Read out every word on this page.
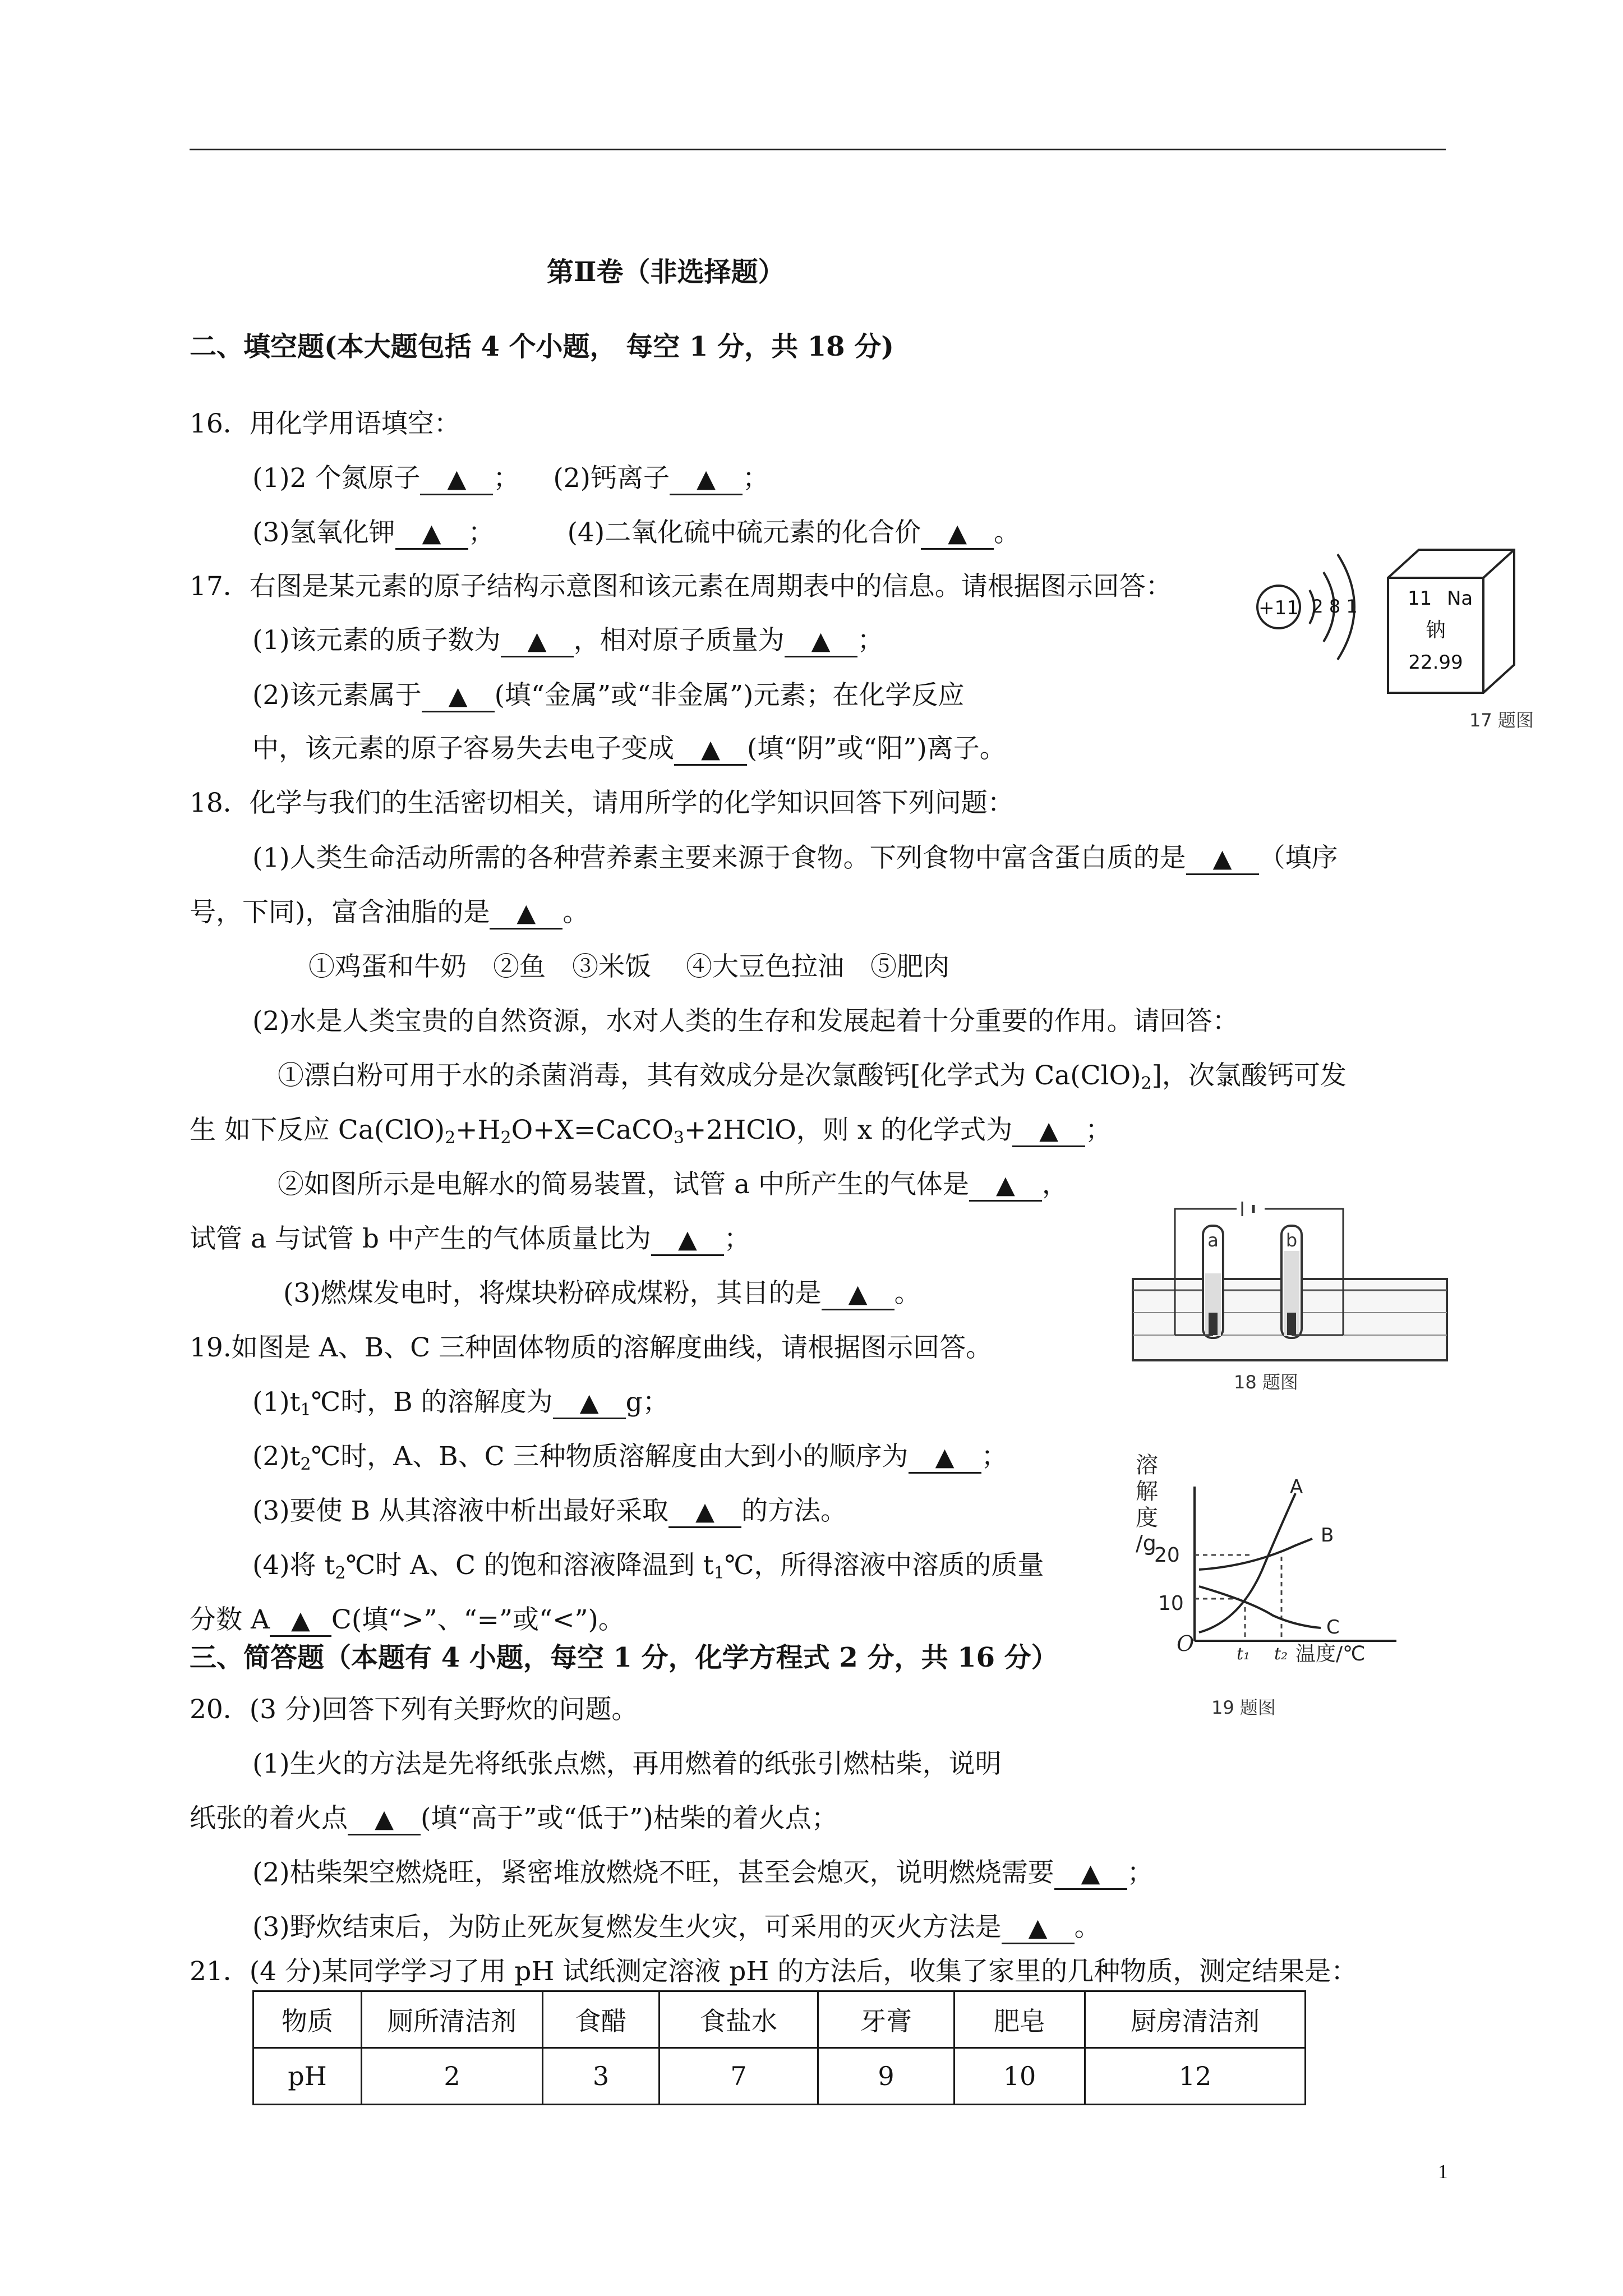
第Ⅱ卷（非选择题）
二、填空题(本大题包括 4 个小题， 每空 1 分，共 18 分)
16．用化学用语填空：
(1)2 个氮原子 ▲ ； (2)钙离子 ▲ ；
(3)氢氧化钾 ▲ ；	(4)二氧化硫中硫元素的化合价 ▲ 。
17．右图是某元素的原子结构示意图和该元素在周期表中的信息。请根据图示回答：
(1)该元素的质子数为 ▲ ，相对原子质量为 ▲ ；
(2)该元素属于 ▲ (填“金属”或“非金属”)元素；在化学反应
中，该元素的原子容易失去电子变成 ▲ (填“阴”或“阳”)离子。
+11 2 8 1	11 Na
钠
22.99
17 题图
18．化学与我们的生活密切相关，请用所学的化学知识回答下列问题：
(1)人类生命活动所需的各种营养素主要来源于食物。下列食物中富含蛋白质的是 ▲ （填序
号，下同)，富含油脂的是 ▲ 。
①鸡蛋和牛奶　②鱼　③米饭　 ④大豆色拉油　⑤肥肉
(2)水是人类宝贵的自然资源，水对人类的生存和发展起着十分重要的作用。请回答：
①漂白粉可用于水的杀菌消毒，其有效成分是次氯酸钙[化学式为 $Ca(ClO)_2$]，次氯酸钙可发
生 如下反应 $Ca(ClO)_2+H_2O+X=CaCO_3+2HClO$，则 x 的化学式为 ▲ ；
②如图所示是电解水的简易装置，试管 a 中所产生的气体是 ▲ ，
试管 a 与试管 b 中产生的气体质量比为 ▲ ；
(3)燃煤发电时，将煤块粉碎成煤粉，其目的是 ▲ 。
a	b
18 题图
19.如图是 A、B、C 三种固体物质的溶解度曲线，请根据图示回答。
$(1)t_1℃$时，B 的溶解度为 ▲ g；
$(2)t_2℃$时，A、B、C 三种物质溶解度由大到小的顺序为 ▲ ；
(3)要使 B 从其溶液中析出最好采取 ▲ 的方法。
(4)将 $t_2℃$时 A、C 的饱和溶液降温到 $t_1℃$，所得溶液中溶质的质量
分数 A ▲ C(填“>”、“=”或“<”)。
溶
解
度
/g
20
10
O
A
B
C
t₁ t₂ 温度/℃
19 题图
三、简答题（本题有 4 小题，每空 1 分，化学方程式 2 分，共 16 分）
20．(3 分)回答下列有关野炊的问题。
(1)生火的方法是先将纸张点燃，再用燃着的纸张引燃枯柴，说明
纸张的着火点 ▲ (填“高于”或“低于”)枯柴的着火点；
(2)枯柴架空燃烧旺，紧密堆放燃烧不旺，甚至会熄灭，说明燃烧需要 ▲ ；
(3)野炊结束后，为防止死灰复燃发生火灾，可采用的灭火方法是 ▲ 。
21．(4 分)某同学学习了用 pH 试纸测定溶液 pH 的方法后，收集了家里的几种物质，测定结果是：
物质	厕所清洁剂	食醋	食盐水	牙膏	肥皂	厨房清洁剂
pH	2	3	7	9	10	12
1
